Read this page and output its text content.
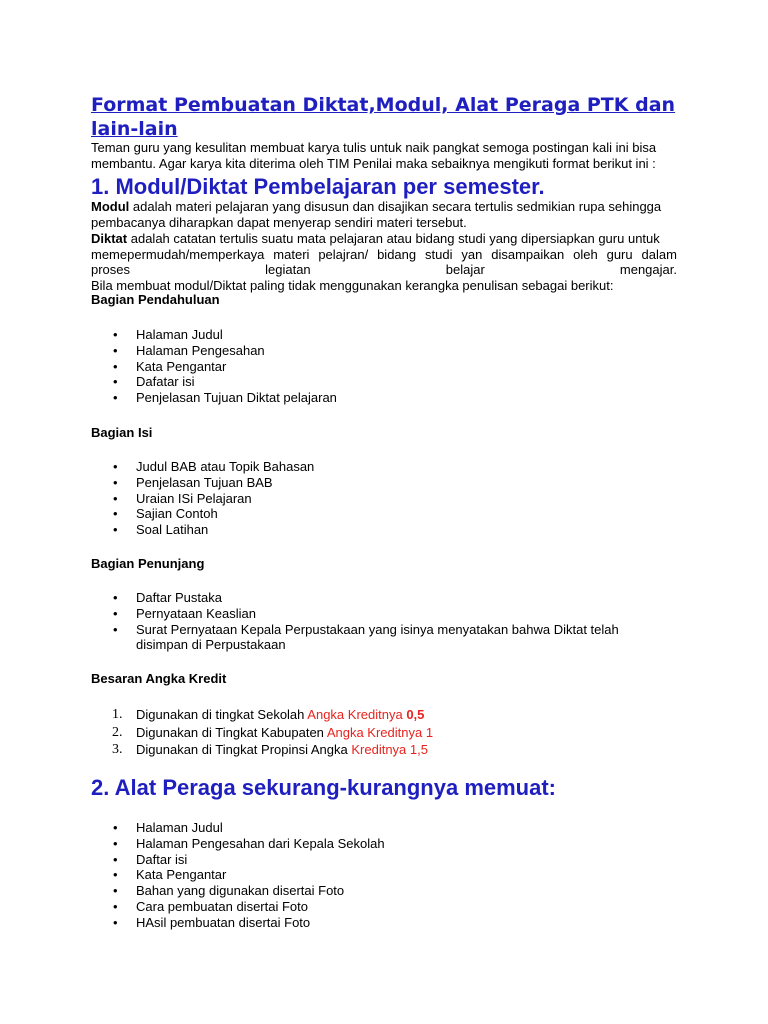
Format Pembuatan Diktat,Modul, Alat Peraga PTK dan
lain-lain
Teman guru yang kesulitan membuat karya tulis untuk naik pangkat semoga postingan kali ini bisa
membantu. Agar karya kita diterima oleh TIM Penilai maka sebaiknya mengikuti format berikut ini :
1. Modul/Diktat Pembelajaran per semester.

Modul adalah materi pelajaran yang disusun dan disajikan secara tertulis sedmikian rupa sehingga
pembacanya diharapkan dapat menyerap sendiri materi tersebut.

Diktat adalah catatan tertulis suatu mata pelajaran atau bidang studi yang dipersiapkan guru untuk
memepermudah/memperkaya materi pelajran/ bidang studi yan disampaikan oleh guru dalam
proses	legiatan	belajar	mengajar.
Bila membuat modul/Diktat paling tidak menggunakan kerangka penulisan sebagai berikut:

Bagian Pendahuluan
• Halaman Judul
• Halaman Pengesahan
• Kata Pengantar
• Dafatar isi
• Penjelasan Tujuan Diktat pelajaran
Bagian Isi
• Judul BAB atau Topik Bahasan
• Penjelasan Tujuan BAB
• Uraian ISi Pelajaran
• Sajian Contoh
• Soal Latihan
Bagian Penunjang
• Daftar Pustaka
• Pernyataan Keaslian
• Surat Pernyataan Kepala Perpustakaan yang isinya menyatakan bahwa Diktat telah
disimpan di Perpustakaan
Besaran Angka Kredit
1. Digunakan di tingkat Sekolah Angka Kreditnya 0,5
2. Digunakan di Tingkat Kabupaten Angka Kreditnya 1
3. Digunakan di Tingkat Propinsi Angka Kreditnya 1,5
2. Alat Peraga sekurang-kurangnya memuat:
• Halaman Judul
• Halaman Pengesahan dari Kepala Sekolah
• Daftar isi
• Kata Pengantar
• Bahan yang digunakan disertai Foto
• Cara pembuatan disertai Foto
• HAsil pembuatan disertai Foto
